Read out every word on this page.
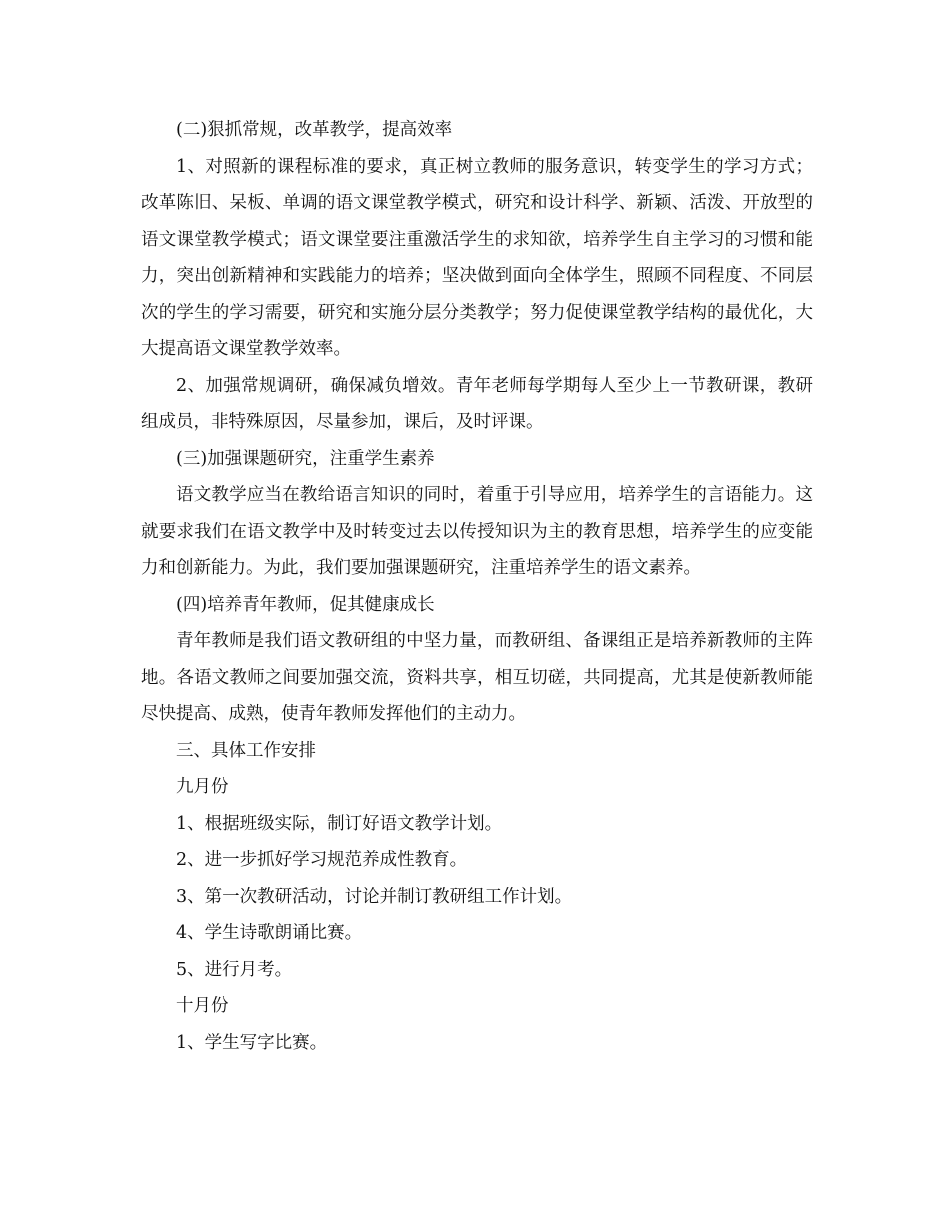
(二)狠抓常规，改革教学，提高效率

1、对照新的课程标准的要求，真正树立教师的服务意识，转变学生的学习方式；改革陈旧、呆板、单调的语文课堂教学模式，研究和设计科学、新颖、活泼、开放型的语文课堂教学模式；语文课堂要注重激活学生的求知欲，培养学生自主学习的习惯和能力，突出创新精神和实践能力的培养；坚决做到面向全体学生，照顾不同程度、不同层次的学生的学习需要，研究和实施分层分类教学；努力促使课堂教学结构的最优化，大大提高语文课堂教学效率。

2、加强常规调研，确保减负增效。青年老师每学期每人至少上一节教研课，教研组成员，非特殊原因，尽量参加，课后，及时评课。

(三)加强课题研究，注重学生素养

语文教学应当在教给语言知识的同时，着重于引导应用，培养学生的言语能力。这就要求我们在语文教学中及时转变过去以传授知识为主的教育思想，培养学生的应变能力和创新能力。为此，我们要加强课题研究，注重培养学生的语文素养。

(四)培养青年教师，促其健康成长

青年教师是我们语文教研组的中坚力量，而教研组、备课组正是培养新教师的主阵地。各语文教师之间要加强交流，资料共享，相互切磋，共同提高，尤其是使新教师能尽快提高、成熟，使青年教师发挥他们的主动力。

三、具体工作安排

九月份

1、根据班级实际，制订好语文教学计划。

2、进一步抓好学习规范养成性教育。

3、第一次教研活动，讨论并制订教研组工作计划。

4、学生诗歌朗诵比赛。

5、进行月考。

十月份

1、学生写字比赛。
